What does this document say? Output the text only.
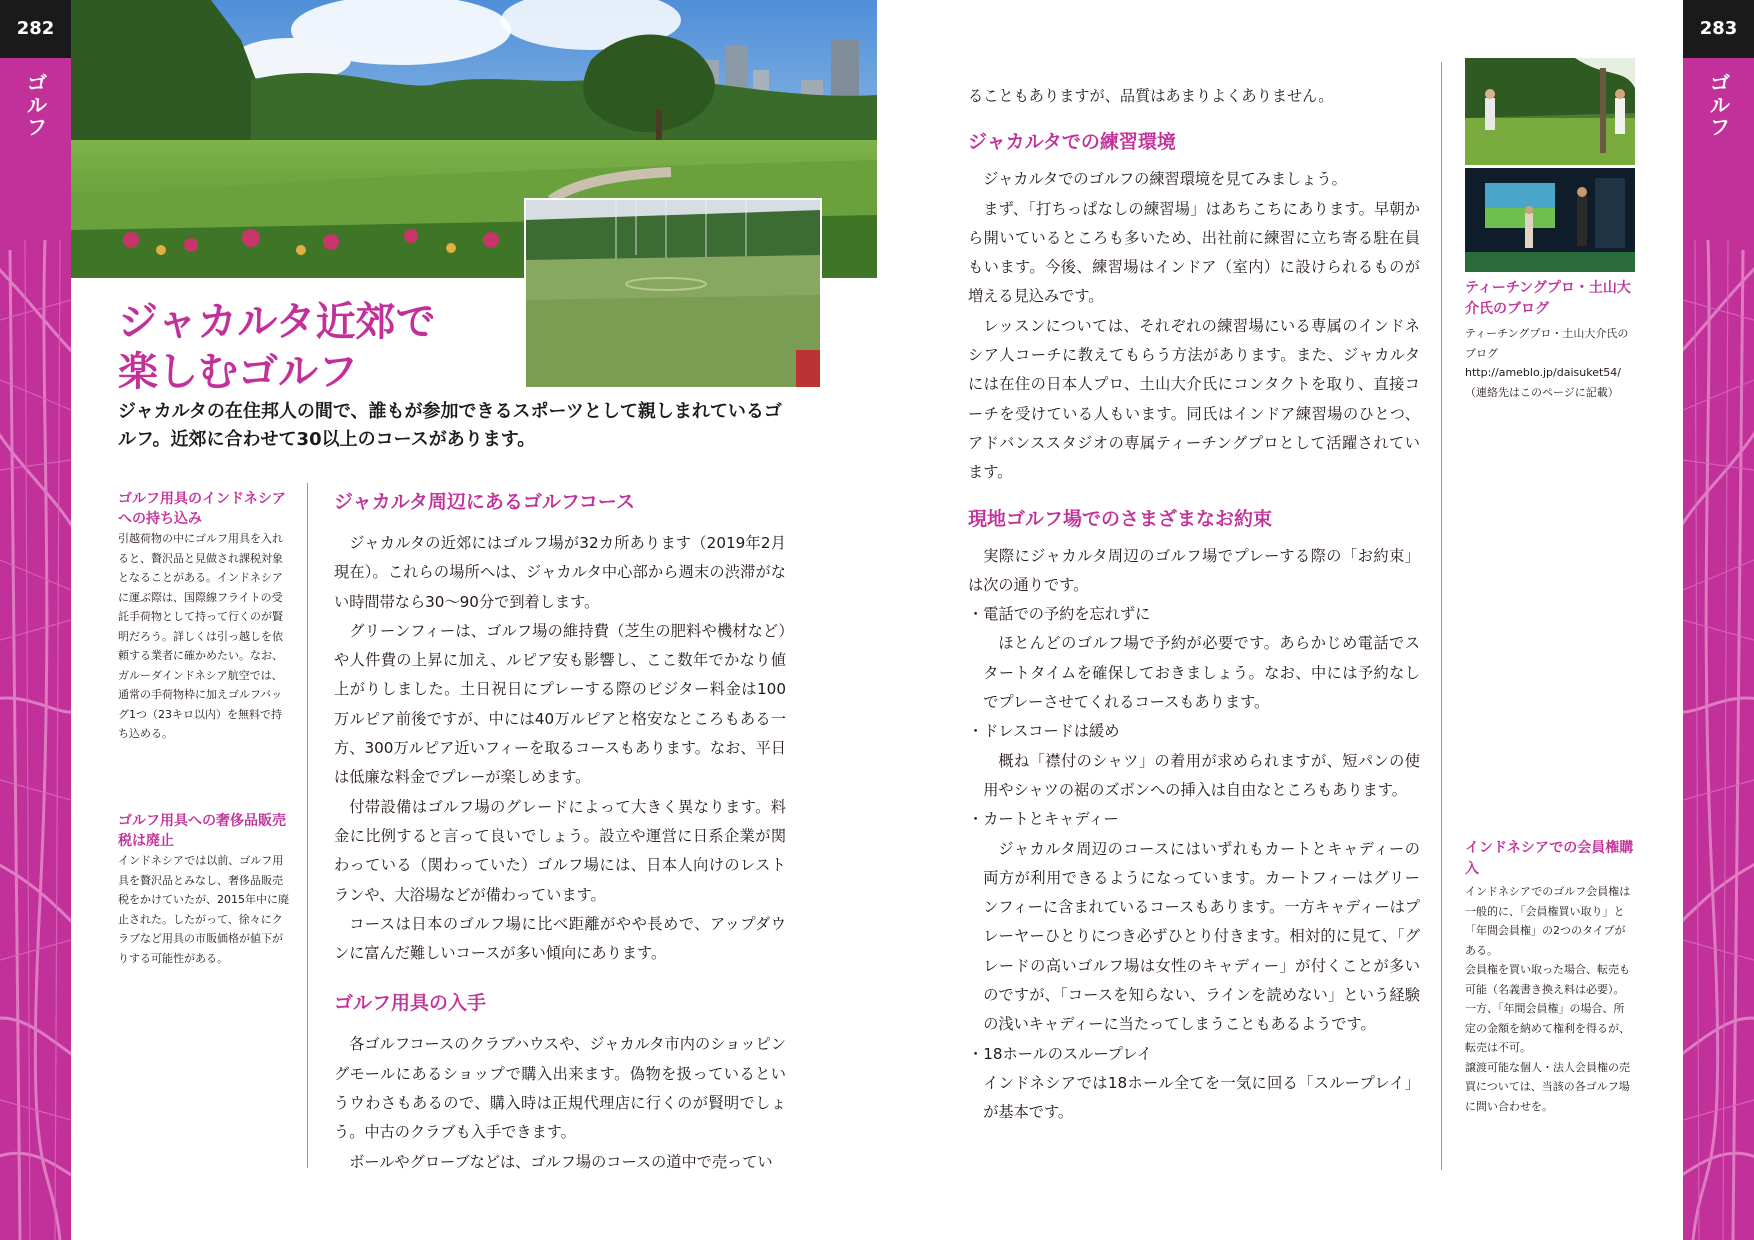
282
ゴルフ
283
ゴルフ
ジャカルタ近郊で
楽しむゴルフ
ジャカルタの在住邦人の間で、誰もが参加できるスポーツとして親しまれているゴルフ。近郊に合わせて30以上のコースがあります。
ゴルフ用具のインドネシアへの持ち込み
引越荷物の中にゴルフ用具を入れると、贅沢品と見做され課税対象となることがある。インドネシアに運ぶ際は、国際線フライトの受託手荷物として持って行くのが賢明だろう。詳しくは引っ越しを依頼する業者に確かめたい。なお、ガルーダインドネシア航空では、通常の手荷物枠に加えゴルフバッグ1つ（23キロ以内）を無料で持ち込める。
ゴルフ用具への奢侈品販売税は廃止
インドネシアでは以前、ゴルフ用具を贅沢品とみなし、奢侈品販売税をかけていたが、2015年中に廃止された。したがって、徐々にクラブなど用具の市販価格が値下がりする可能性がある。
ジャカルタ周辺にあるゴルフコース

ジャカルタの近郊にはゴルフ場が32カ所あります（2019年2月現在）。これらの場所へは、ジャカルタ中心部から週末の渋滞がない時間帯なら30〜90分で到着します。

グリーンフィーは、ゴルフ場の維持費（芝生の肥料や機材など）や人件費の上昇に加え、ルピア安も影響し、ここ数年でかなり値上がりしました。土日祝日にプレーする際のビジター料金は100万ルピア前後ですが、中には40万ルピアと格安なところもある一方、300万ルピア近いフィーを取るコースもあります。なお、平日は低廉な料金でプレーが楽しめます。

付帯設備はゴルフ場のグレードによって大きく異なります。料金に比例すると言って良いでしょう。設立や運営に日系企業が関わっている（関わっていた）ゴルフ場には、日本人向けのレストランや、大浴場などが備わっています。

コースは日本のゴルフ場に比べ距離がやや長めで、アップダウンに富んだ難しいコースが多い傾向にあります。

ゴルフ用具の入手

各ゴルフコースのクラブハウスや、ジャカルタ市内のショッピングモールにあるショップで購入出来ます。偽物を扱っているというウわさもあるので、購入時は正規代理店に行くのが賢明でしょう。中古のクラブも入手できます。

ボールやグローブなどは、ゴルフ場のコースの道中で売ってい

ることもありますが、品質はあまりよくありません。

ジャカルタでの練習環境

ジャカルタでのゴルフの練習環境を見てみましょう。

まず、「打ちっぱなしの練習場」はあちこちにあります。早朝から開いているところも多いため、出社前に練習に立ち寄る駐在員もいます。今後、練習場はインドア（室内）に設けられるものが増える見込みです。

レッスンについては、それぞれの練習場にいる専属のインドネシア人コーチに教えてもらう方法があります。また、ジャカルタには在住の日本人プロ、土山大介氏にコンタクトを取り、直接コーチを受けている人もいます。同氏はインドア練習場のひとつ、アドバンススタジオの専属ティーチングプロとして活躍されています。

現地ゴルフ場でのさまざまなお約束

実際にジャカルタ周辺のゴルフ場でプレーする際の「お約束」は次の通りです。

・電話での予約を忘れずに

ほとんどのゴルフ場で予約が必要です。あらかじめ電話でスタートタイムを確保しておきましょう。なお、中には予約なしでプレーさせてくれるコースもあります。

・ドレスコードは緩め

概ね「襟付のシャツ」の着用が求められますが、短パンの使用やシャツの裾のズボンへの挿入は自由なところもあります。

・カートとキャディー

ジャカルタ周辺のコースにはいずれもカートとキャディーの両方が利用できるようになっています。カートフィーはグリーンフィーに含まれているコースもあります。一方キャディーはプレーヤーひとりにつき必ずひとり付きます。相対的に見て、「グレードの高いゴルフ場は女性のキャディー」が付くことが多いのですが、「コースを知らない、ラインを読めない」という経験の浅いキャディーに当たってしまうこともあるようです。

・18ホールのスループレイ

インドネシアでは18ホール全てを一気に回る「スループレイ」が基本です。

ティーチングプロ・土山大介氏のブログ
ティーチングプロ・土山大介氏のブログ　http://ameblo.jp/daisuket54/（連絡先はこのページに記載）
インドネシアでの会員権購入
インドネシアでのゴルフ会員権は一般的に、「会員権買い取り」と「年間会員権」の2つのタイプがある。
会員権を買い取った場合、転売も可能（名義書き換え料は必要）。一方、「年間会員権」の場合、所定の金額を納めて権利を得るが、転売は不可。
譲渡可能な個人・法人会員権の売買については、当該の各ゴルフ場に問い合わせを。
